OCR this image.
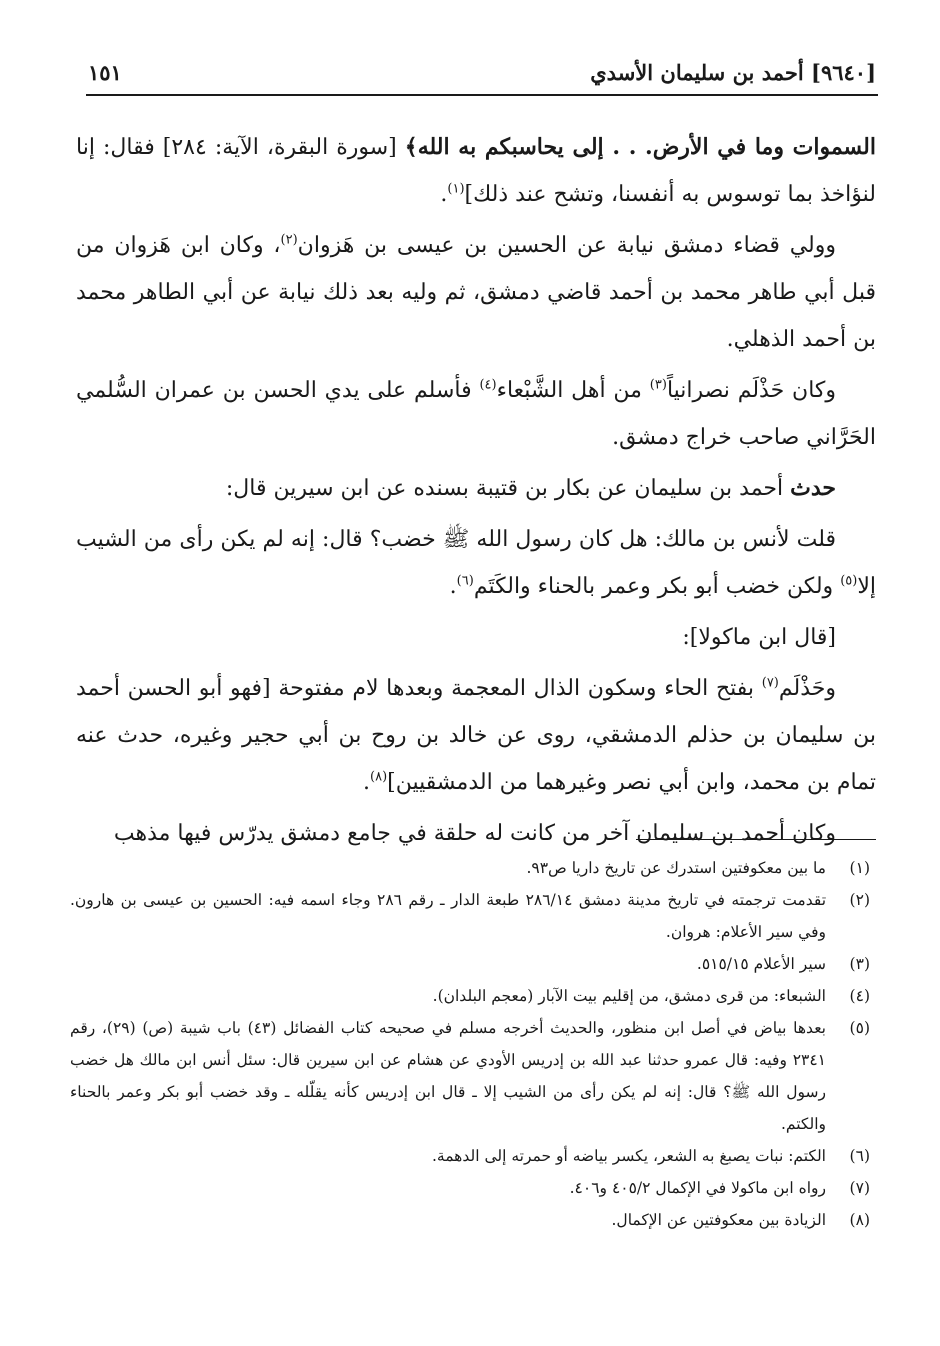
[٩٦٤٠] أحمد بن سليمان الأسدي
١٥١

السموات وما في الأرض. . . إلى يحاسبكم به الله﴾ [سورة البقرة، الآية: ٢٨٤] فقال: إنا لنؤاخذ بما توسوس به أنفسنا، وتشح عند ذلك]$^{(١)}$.

وولي قضاء دمشق نيابة عن الحسين بن عيسى بن هَزوان$^{(٢)}$، وكان ابن هَزوان من قبل أبي طاهر محمد بن أحمد قاضي دمشق، ثم وليه بعد ذلك نيابة عن أبي الطاهر محمد بن أحمد الذهلي.

وكان حَذْلَم نصرانياً$^{(٣)}$ من أهل الشَّبْعاء$^{(٤)}$ فأسلم على يدي الحسن بن عمران السُّلمي الحَرَّاني صاحب خراج دمشق.

حدث أحمد بن سليمان عن بكار بن قتيبة بسنده عن ابن سيرين قال:

قلت لأنس بن مالك: هل كان رسول الله ﷺ خضب؟ قال: إنه لم يكن رأى من الشيب إلا$^{(٥)}$ ولكن خضب أبو بكر وعمر بالحناء والكَتَم$^{(٦)}$.

[قال ابن ماكولا]:

وحَذْلَم$^{(٧)}$ بفتح الحاء وسكون الذال المعجمة وبعدها لام مفتوحة [فهو أبو الحسن أحمد بن سليمان بن حذلم الدمشقي، روى عن خالد بن روح بن أبي حجير وغيره، حدث عنه تمام بن محمد، وابن أبي نصر وغيرهما من الدمشقيين]$^{(٨)}$.

وكان أحمد بن سليمان آخر من كانت له حلقة في جامع دمشق يدرّس فيها مذهب

(١)
ما بين معكوفتين استدرك عن تاريخ داريا ص٩٣.
(٢)
تقدمت ترجمته في تاريخ مدينة دمشق ٢٨٦/١٤ طبعة الدار ـ رقم ٢٨٦ وجاء اسمه فيه: الحسين بن عيسى بن هارون. وفي سير الأعلام: هروان.
(٣)
سير الأعلام ٥١٥/١٥.
(٤)
الشبعاء: من قرى دمشق، من إقليم بيت الآبار (معجم البلدان).
(٥)
بعدها بياض في أصل ابن منظور، والحديث أخرجه مسلم في صحيحه كتاب الفضائل (٤٣) باب شيبة (ص) (٢٩)، رقم ٢٣٤١ وفيه: قال عمرو حدثنا عبد الله بن إدريس الأودي عن هشام عن ابن سيرين قال: سئل أنس ابن مالك هل خضب رسول الله ﷺ؟ قال: إنه لم يكن رأى من الشيب إلا ـ قال ابن إدريس كأنه يقلّله ـ وقد خضب أبو بكر وعمر بالحناء والكتم.
(٦)
الكتم: نبات يصبغ به الشعر، يكسر بياضه أو حمرته إلى الدهمة.
(٧)
رواه ابن ماكولا في الإكمال ٤٠٥/٢ و٤٠٦.
(٨)
الزيادة بين معكوفتين عن الإكمال.
